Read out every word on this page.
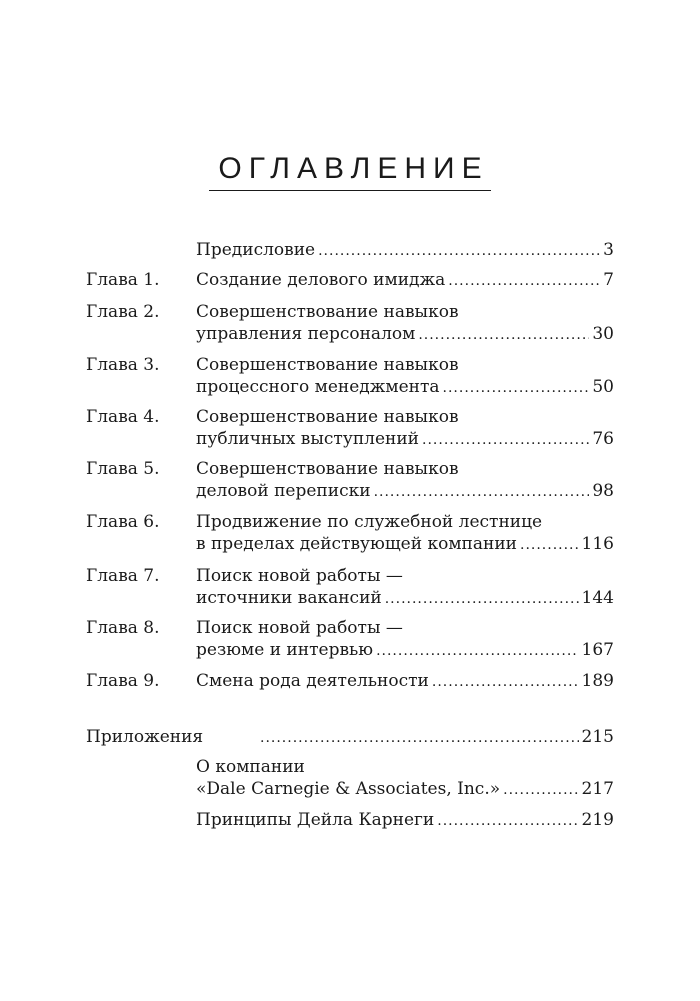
ОГЛАВЛЕНИЕ
Предисловие .....	3
Глава 1. Создание делового имиджа .....	7
Глава 2. Совершенствование навыков
управления персоналом .....	30
Глава 3. Совершенствование навыков
процессного менеджмента .....	50
Глава 4. Совершенствование навыков
публичных выступлений .....	76
Глава 5. Совершенствование навыков
деловой переписки .....	98
Глава 6. Продвижение по служебной лестнице
в пределах действующей компании .....	116
Глава 7. Поиск новой работы —
источники вакансий .....	144
Глава 8. Поиск новой работы —
резюме и интервью .....	167
Глава 9. Смена рода деятельности .....	189
Приложения .....	215
О компании
«Dale Carnegie & Associates, Inc.» .....	217
Принципы Дейла Карнеги .....	219
